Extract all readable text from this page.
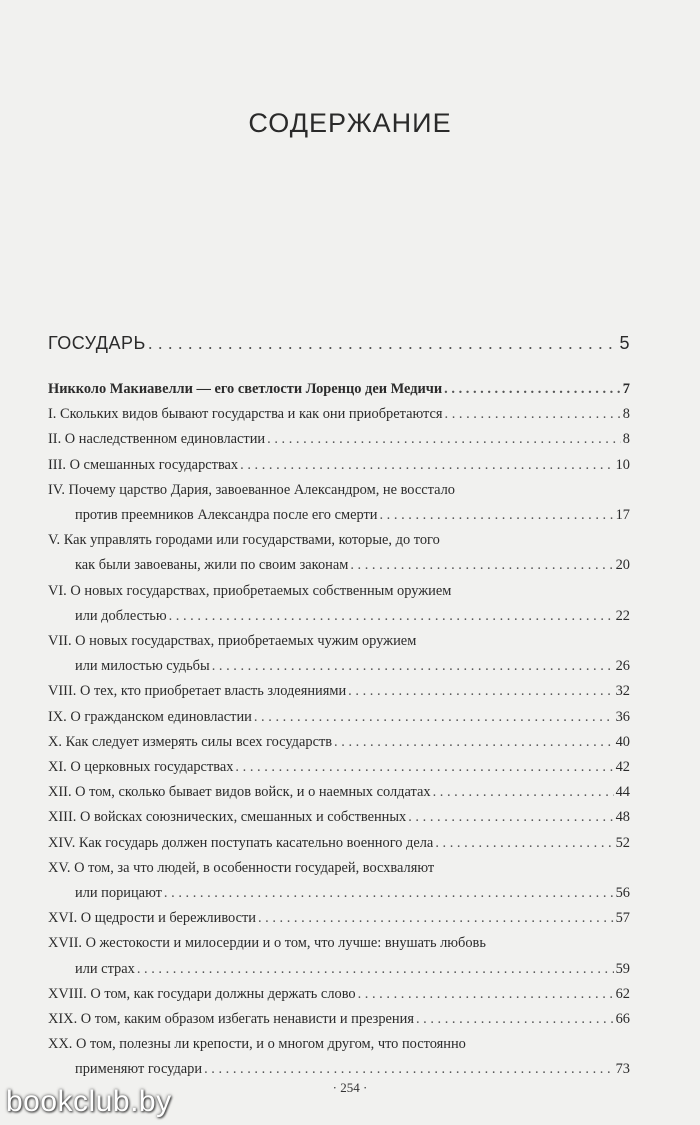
СОДЕРЖАНИЕ
ГОСУДАРЬ . . .	5
Никколо Макиавелли — его светлости Лоренцо деи Медичи . . .	7
I. Скольких видов бывают государства и как они приобретаются . . .	8
II. О наследственном единовластии . . .	8
III. О смешанных государствах . . .	10
IV. Почему царство Дария, завоеванное Александром, не восстало
против преемников Александра после его смерти . . .	17
V. Как управлять городами или государствами, которые, до того
как были завоеваны, жили по своим законам . . .	20
VI. О новых государствах, приобретаемых собственным оружием
или доблестью . . .	22
VII. О новых государствах, приобретаемых чужим оружием
или милостью судьбы . . .	26
VIII. О тех, кто приобретает власть злодеяниями . . .	32
IX. О гражданском единовластии . . .	36
X. Как следует измерять силы всех государств . . .	40
XI. О церковных государствах . . .	42
XII. О том, сколько бывает видов войск, и о наемных солдатах . . .	44
XIII. О войсках союзнических, смешанных и собственных . . .	48
XIV. Как государь должен поступать касательно военного дела . . .	52
XV. О том, за что людей, в особенности государей, восхваляют
или порицают . . .	56
XVI. О щедрости и бережливости . . .	57
XVII. О жестокости и милосердии и о том, что лучше: внушать любовь
или страх . . .	59
XVIII. О том, как государи должны держать слово . . .	62
XIX. О том, каким образом избегать ненависти и презрения . . .	66
XX. О том, полезны ли крепости, и о многом другом, что постоянно
применяют государи . . .	73
· 254 ·
bookclub.by
